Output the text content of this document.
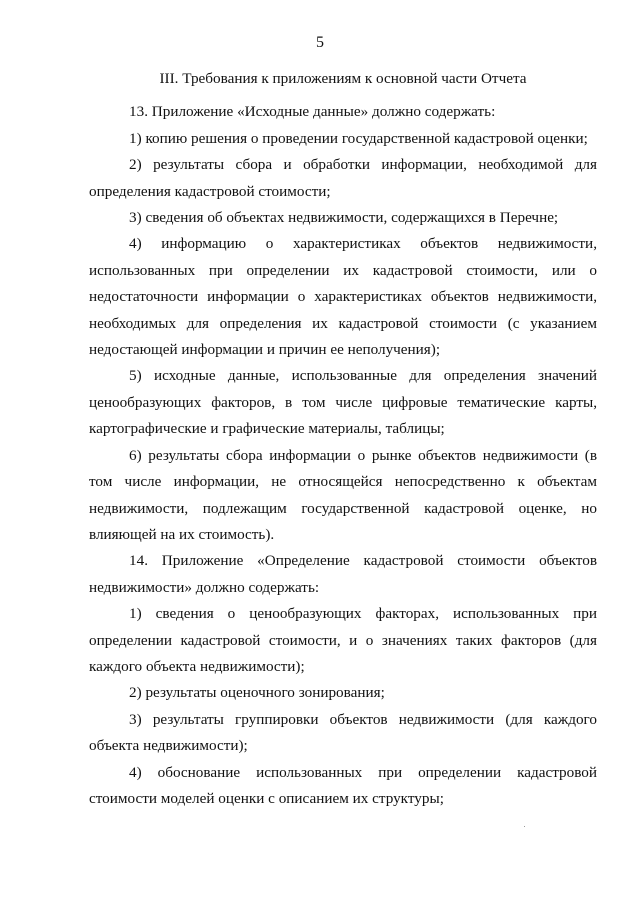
5
III. Требования к приложениям к основной части Отчета

13. Приложение «Исходные данные» должно содержать:

1) копию решения о проведении государственной кадастровой оценки;

2) результаты сбора и обработки информации, необходимой для определения кадастровой стоимости;

3) сведения об объектах недвижимости, содержащихся в Перечне;

4) информацию о характеристиках объектов недвижимости, использованных при определении их кадастровой стоимости, или о недостаточности информации о характеристиках объектов недвижимости, необходимых для определения их кадастровой стоимости (с указанием недостающей информации и причин ее неполучения);

5) исходные данные, использованные для определения значений ценообразующих факторов, в том числе цифровые тематические карты, картографические и графические материалы, таблицы;

6) результаты сбора информации о рынке объектов недвижимости (в том числе информации, не относящейся непосредственно к объектам недвижимости, подлежащим государственной кадастровой оценке, но влияющей на их стоимость).

14. Приложение «Определение кадастровой стоимости объектов недвижимости» должно содержать:

1) сведения о ценообразующих факторах, использованных при определении кадастровой стоимости, и о значениях таких факторов (для каждого объекта недвижимости);

2) результаты оценочного зонирования;

3) результаты группировки объектов недвижимости (для каждого объекта недвижимости);

4) обоснование использованных при определении кадастровой стоимости моделей оценки с описанием их структуры;
